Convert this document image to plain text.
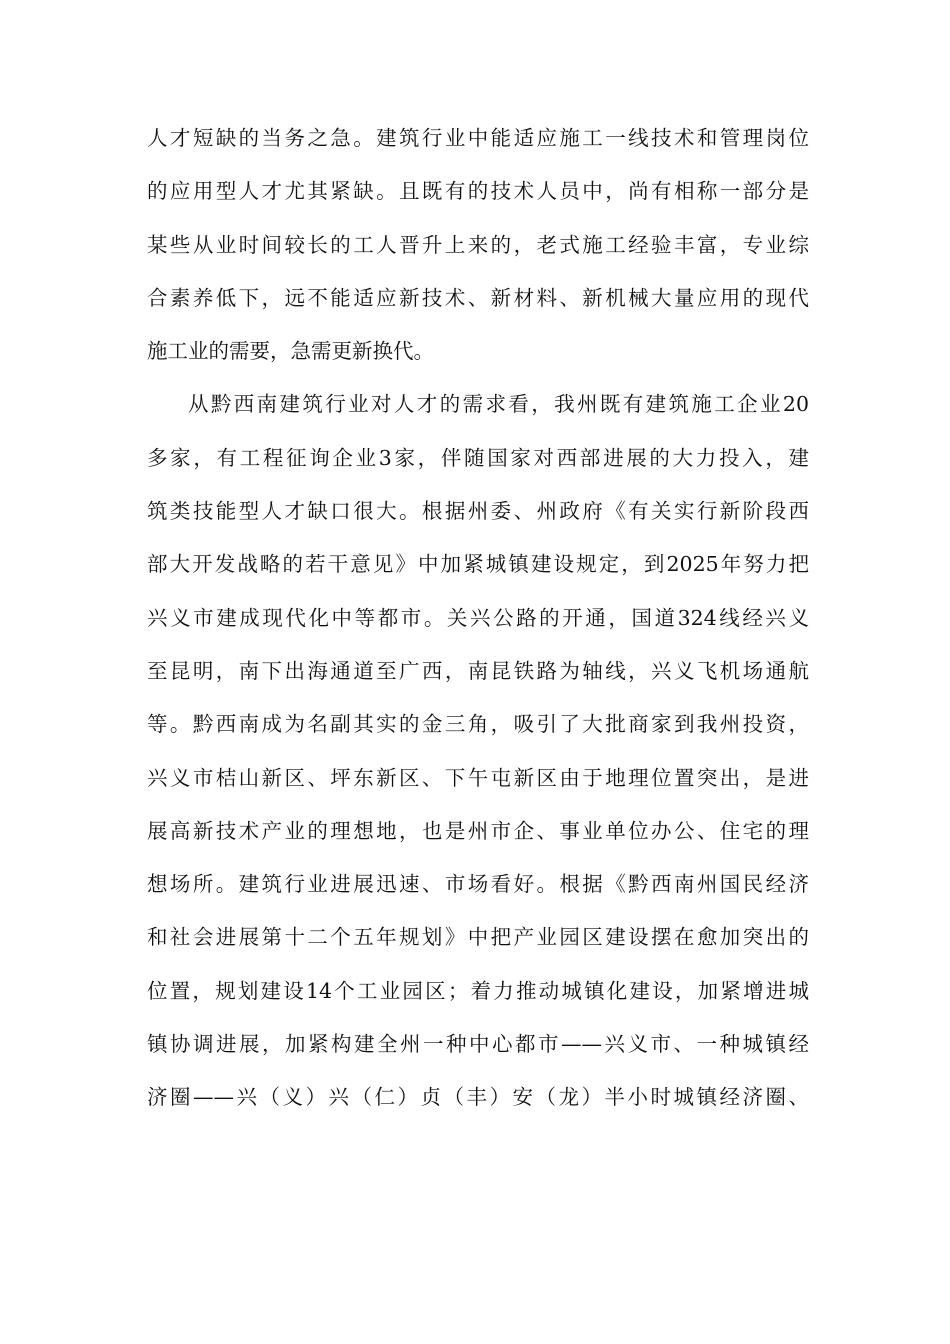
人才短缺的当务之急。建筑行业中能适应施工一线技术和管理岗位
的应用型人才尤其紧缺。且既有的技术人员中，尚有相称一部分是
某些从业时间较长的工人晋升上来的，老式施工经验丰富，专业综
合素养低下，远不能适应新技术、新材料、新机械大量应用的现代
施工业的需要，急需更新换代。
从黔西南建筑行业对人才的需求看，我州既有建筑施工企业20
多家，有工程征询企业3家，伴随国家对西部进展的大力投入，建
筑类技能型人才缺口很大。根据州委、州政府《有关实行新阶段西
部大开发战略的若干意见》中加紧城镇建设规定，到2025年努力把
兴义市建成现代化中等都市。关兴公路的开通，国道324线经兴义
至昆明，南下出海通道至广西，南昆铁路为轴线，兴义飞机场通航
等。黔西南成为名副其实的金三角，吸引了大批商家到我州投资，
兴义市桔山新区、坪东新区、下午屯新区由于地理位置突出，是进
展高新技术产业的理想地，也是州市企、事业单位办公、住宅的理
想场所。建筑行业进展迅速、市场看好。根据《黔西南州国民经济
和社会进展第十二个五年规划》中把产业园区建设摆在愈加突出的
位置，规划建设14个工业园区；着力推动城镇化建设，加紧增进城
镇协调进展，加紧构建全州一种中心都市——兴义市、一种城镇经
济圈——兴（义）兴（仁）贞（丰）安（龙）半小时城镇经济圈、
